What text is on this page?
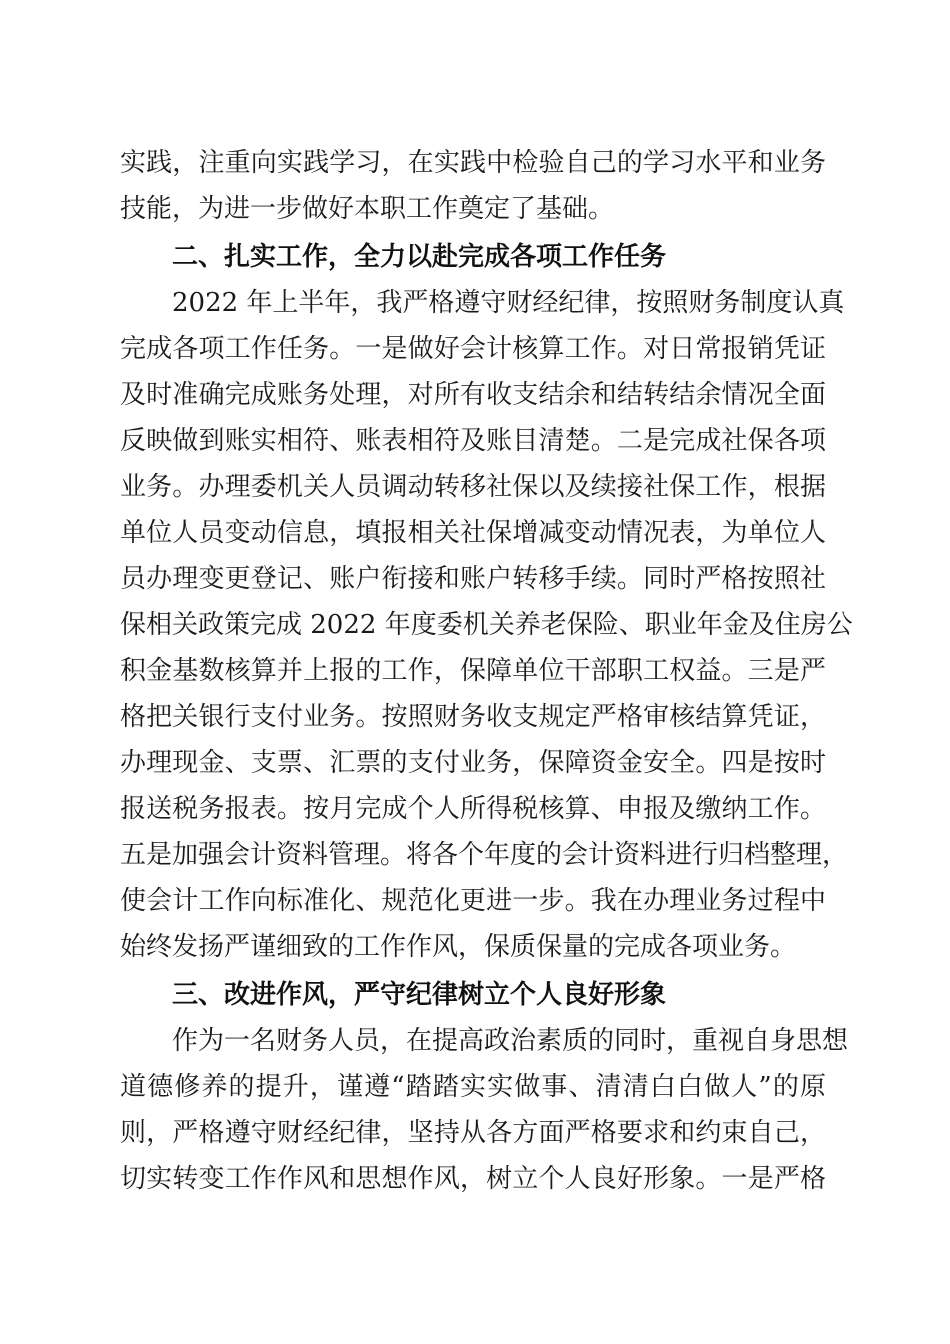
实践，注重向实践学习，在实践中检验自己的学习水平和业务
技能，为进一步做好本职工作奠定了基础。
二、扎实工作，全力以赴完成各项工作任务
2022 年上半年，我严格遵守财经纪律，按照财务制度认真
完成各项工作任务。一是做好会计核算工作。对日常报销凭证
及时准确完成账务处理，对所有收支结余和结转结余情况全面
反映做到账实相符、账表相符及账目清楚。二是完成社保各项
业务。办理委机关人员调动转移社保以及续接社保工作，根据
单位人员变动信息，填报相关社保增减变动情况表，为单位人
员办理变更登记、账户衔接和账户转移手续。同时严格按照社
保相关政策完成 2022 年度委机关养老保险、职业年金及住房公
积金基数核算并上报的工作，保障单位干部职工权益。三是严
格把关银行支付业务。按照财务收支规定严格审核结算凭证，
办理现金、支票、汇票的支付业务，保障资金安全。四是按时
报送税务报表。按月完成个人所得税核算、申报及缴纳工作。
五是加强会计资料管理。将各个年度的会计资料进行归档整理，
使会计工作向标准化、规范化更进一步。我在办理业务过程中
始终发扬严谨细致的工作作风，保质保量的完成各项业务。
三、改进作风，严守纪律树立个人良好形象
作为一名财务人员，在提高政治素质的同时，重视自身思想
道德修养的提升，谨遵“踏踏实实做事、清清白白做人”的原
则，严格遵守财经纪律，坚持从各方面严格要求和约束自己，
切实转变工作作风和思想作风，树立个人良好形象。一是严格
